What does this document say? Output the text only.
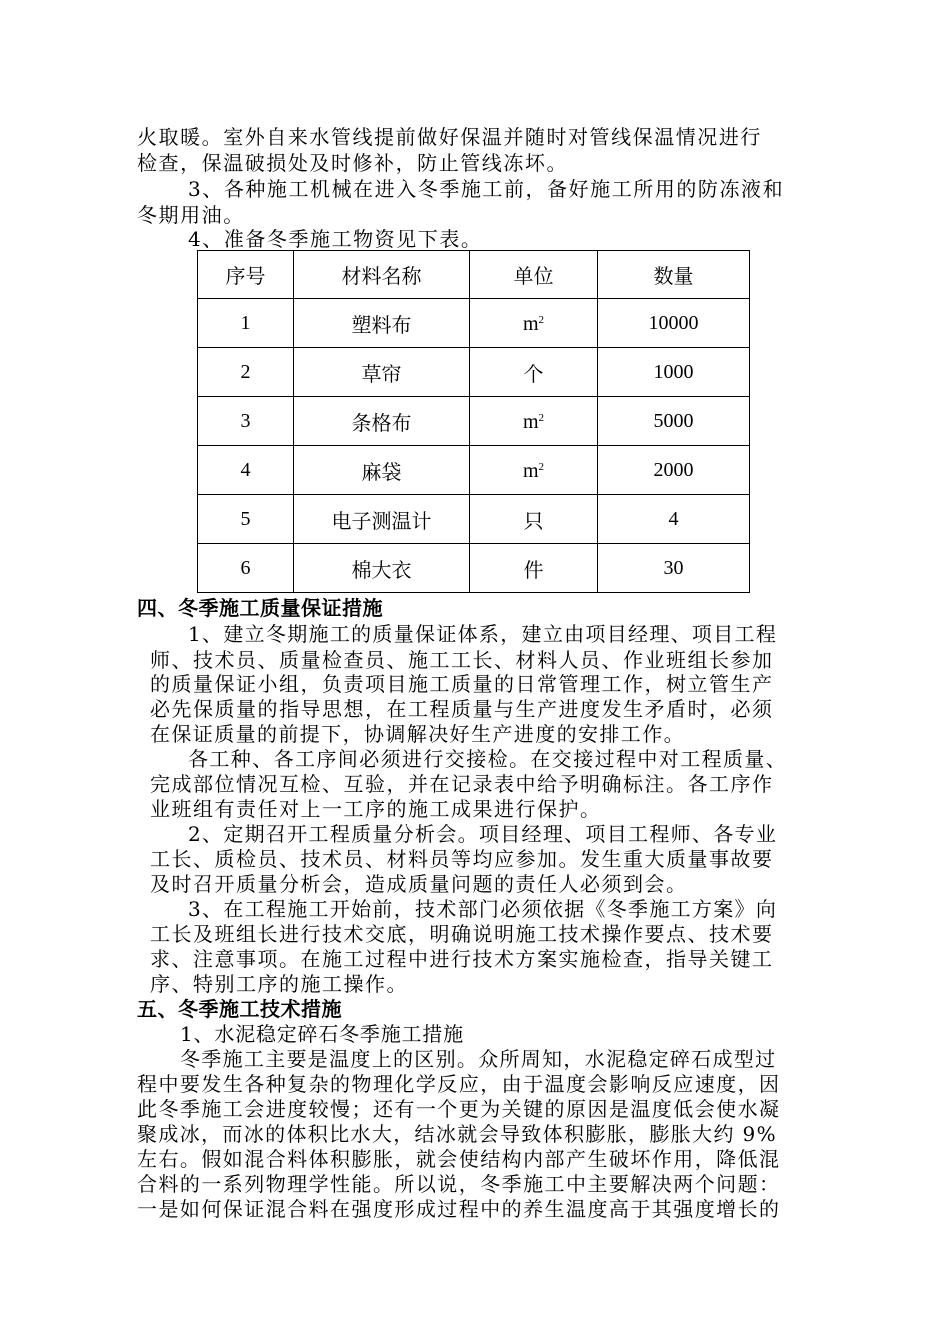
火取暖。室外自来水管线提前做好保温并随时对管线保温情况进行
检查，保温破损处及时修补，防止管线冻坏。
3、各种施工机械在进入冬季施工前，备好施工所用的防冻液和
冬期用油。
4、准备冬季施工物资见下表。
序号	材料名称	单位	数量
1	塑料布	$m^2$	10000
2	草帘	个	1000
3	条格布	$m^2$	5000
4	麻袋	$m^2$	2000
5	电子测温计	只	4
6	棉大衣	件	30
四、冬季施工质量保证措施
1、建立冬期施工的质量保证体系，建立由项目经理、项目工程
师、技术员、质量检查员、施工工长、材料人员、作业班组长参加
的质量保证小组，负责项目施工质量的日常管理工作，树立管生产
必先保质量的指导思想，在工程质量与生产进度发生矛盾时，必须
在保证质量的前提下，协调解决好生产进度的安排工作。
各工种、各工序间必须进行交接检。在交接过程中对工程质量、
完成部位情况互检、互验，并在记录表中给予明确标注。各工序作
业班组有责任对上一工序的施工成果进行保护。
2、定期召开工程质量分析会。项目经理、项目工程师、各专业
工长、质检员、技术员、材料员等均应参加。发生重大质量事故要
及时召开质量分析会，造成质量问题的责任人必须到会。
3、在工程施工开始前，技术部门必须依据《冬季施工方案》向
工长及班组长进行技术交底，明确说明施工技术操作要点、技术要
求、注意事项。在施工过程中进行技术方案实施检查，指导关键工
序、特别工序的施工操作。
五、冬季施工技术措施
1、水泥稳定碎石冬季施工措施
冬季施工主要是温度上的区别。众所周知，水泥稳定碎石成型过
程中要发生各种复杂的物理化学反应，由于温度会影响反应速度，因
此冬季施工会进度较慢；还有一个更为关键的原因是温度低会使水凝
聚成冰，而冰的体积比水大，结冰就会导致体积膨胀，膨胀大约 9%
左右。假如混合料体积膨胀，就会使结构内部产生破坏作用，降低混
合料的一系列物理学性能。所以说，冬季施工中主要解决两个问题：
一是如何保证混合料在强度形成过程中的养生温度高于其强度增长的
